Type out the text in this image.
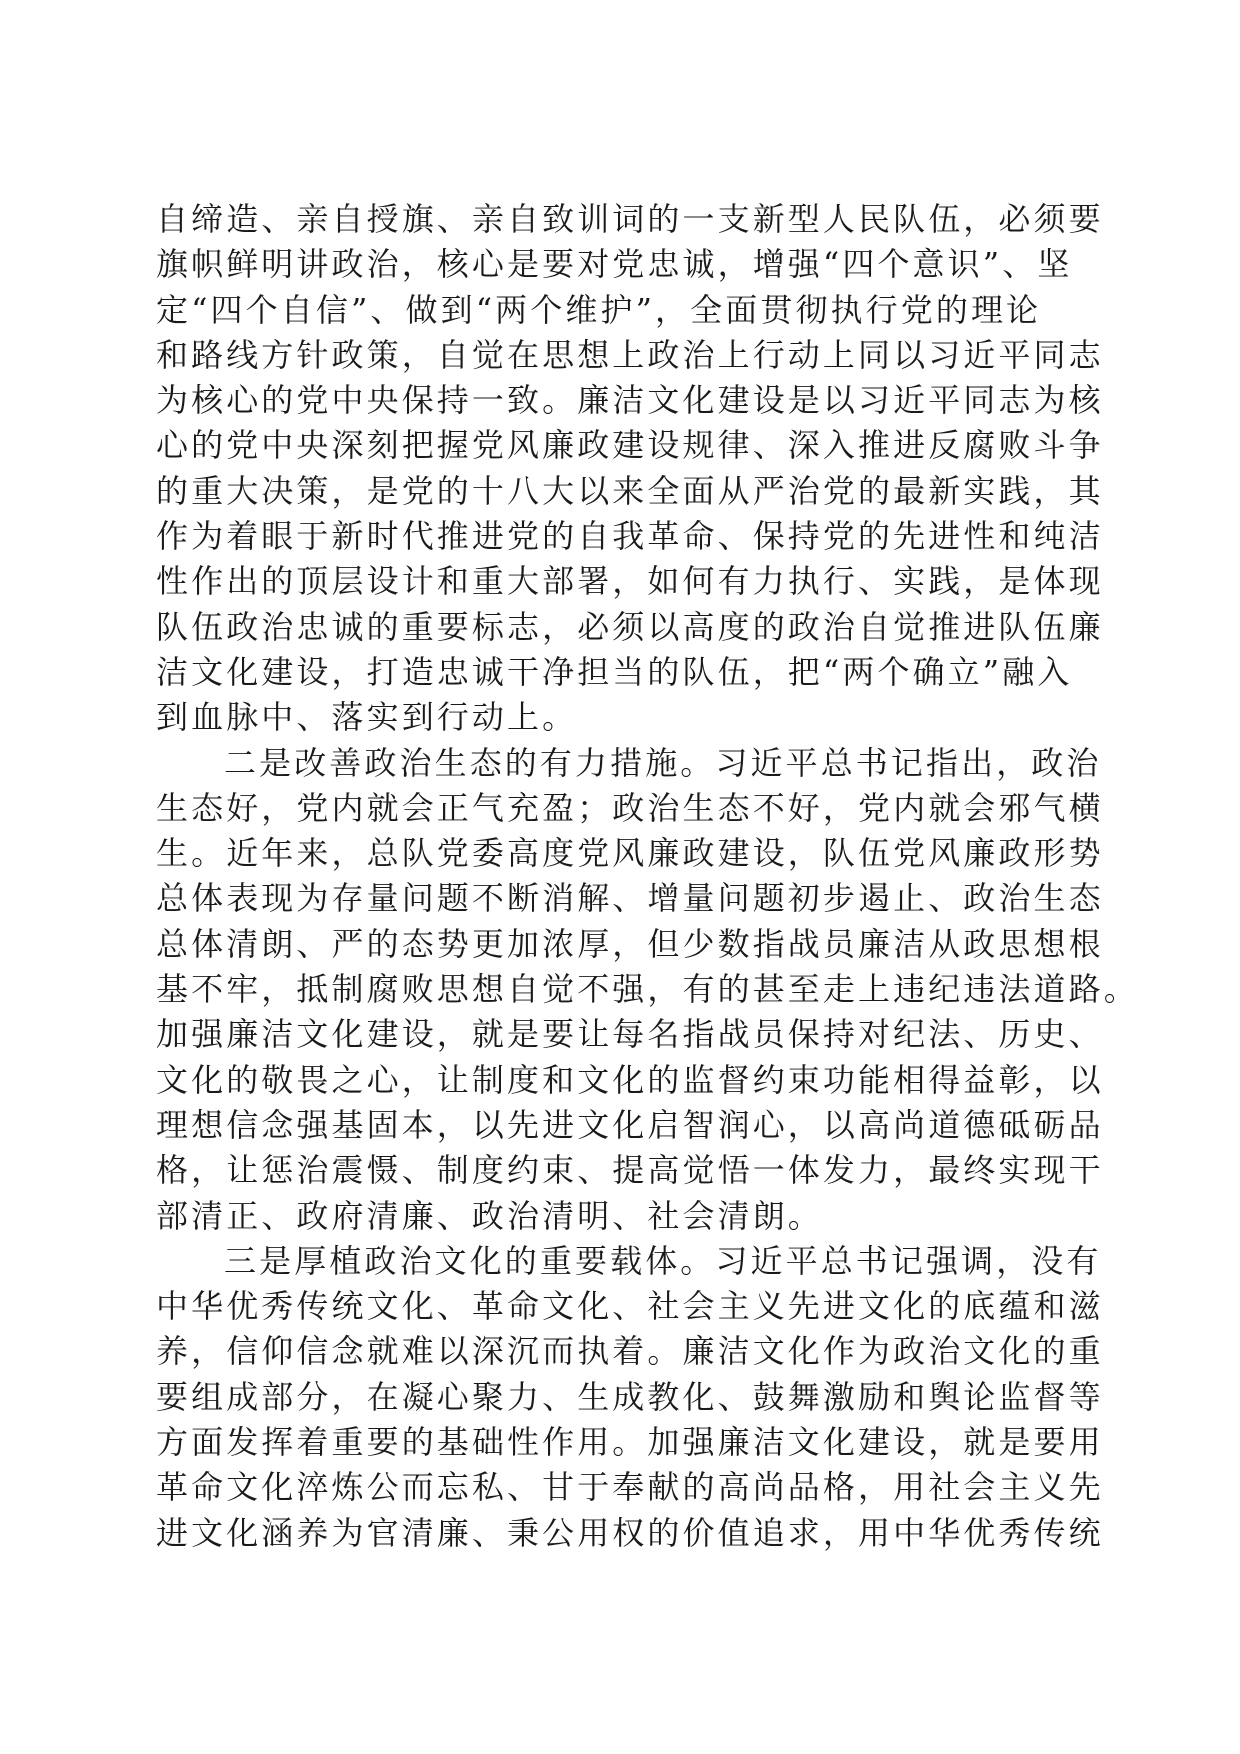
自缔造、亲自授旗、亲自致训词的一支新型人民队伍，必须要
旗帜鲜明讲政治，核心是要对党忠诚，增强“四个意识”、坚
定“四个自信”、做到“两个维护”，全面贯彻执行党的理论
和路线方针政策，自觉在思想上政治上行动上同以习近平同志
为核心的党中央保持一致。廉洁文化建设是以习近平同志为核
心的党中央深刻把握党风廉政建设规律、深入推进反腐败斗争
的重大决策，是党的十八大以来全面从严治党的最新实践，其
作为着眼于新时代推进党的自我革命、保持党的先进性和纯洁
性作出的顶层设计和重大部署，如何有力执行、实践，是体现
队伍政治忠诚的重要标志，必须以高度的政治自觉推进队伍廉
洁文化建设，打造忠诚干净担当的队伍，把“两个确立”融入
到血脉中、落实到行动上。
二是改善政治生态的有力措施。习近平总书记指出，政治
生态好，党内就会正气充盈；政治生态不好，党内就会邪气横
生。近年来，总队党委高度党风廉政建设，队伍党风廉政形势
总体表现为存量问题不断消解、增量问题初步遏止、政治生态
总体清朗、严的态势更加浓厚，但少数指战员廉洁从政思想根
基不牢，抵制腐败思想自觉不强，有的甚至走上违纪违法道路。
加强廉洁文化建设，就是要让每名指战员保持对纪法、历史、
文化的敬畏之心，让制度和文化的监督约束功能相得益彰，以
理想信念强基固本，以先进文化启智润心，以高尚道德砥砺品
格，让惩治震慑、制度约束、提高觉悟一体发力，最终实现干
部清正、政府清廉、政治清明、社会清朗。
三是厚植政治文化的重要载体。习近平总书记强调，没有
中华优秀传统文化、革命文化、社会主义先进文化的底蕴和滋
养，信仰信念就难以深沉而执着。廉洁文化作为政治文化的重
要组成部分，在凝心聚力、生成教化、鼓舞激励和舆论监督等
方面发挥着重要的基础性作用。加强廉洁文化建设，就是要用
革命文化淬炼公而忘私、甘于奉献的高尚品格，用社会主义先
进文化涵养为官清廉、秉公用权的价值追求，用中华优秀传统
